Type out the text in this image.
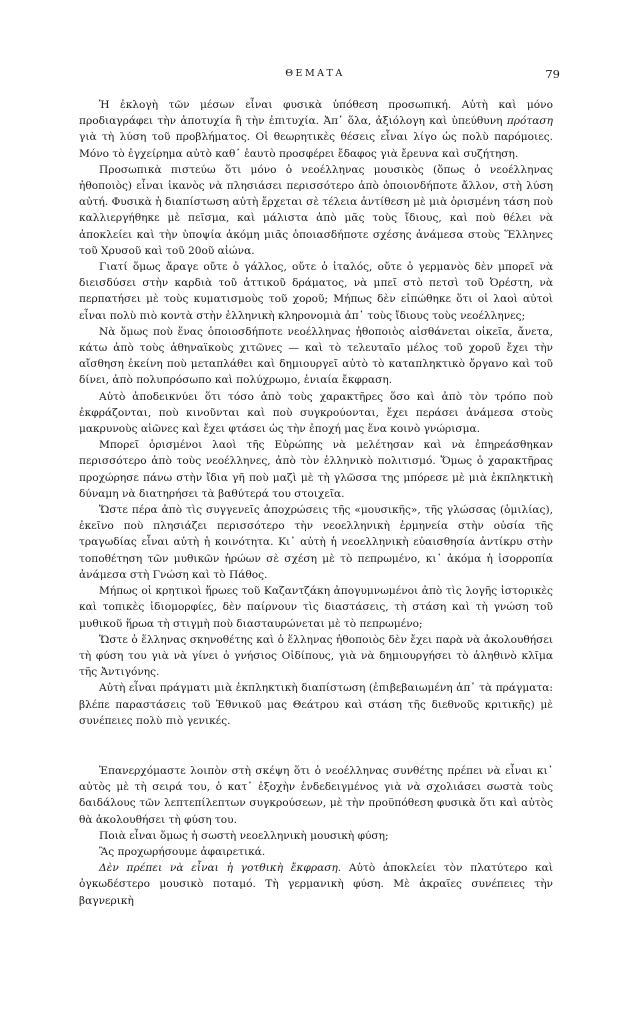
ΘΕΜΑΤΑ	79

Ἡ ἐκλογὴ τῶν μέσων εἶναι φυσικὰ ὑπόθεση προσωπική. Αὐτὴ καὶ μόνο προδιαγράφει τὴν ἀποτυχία ἢ τὴν ἐπιτυχία. Ἀπ᾿ ὅλα, ἀξιόλογη καὶ ὑπεύθυνη πρόταση γιὰ τὴ λύση τοῦ προβλήματος. Οἱ θεωρητικὲς θέσεις εἶναι λίγο ὡς πολὺ παρόμοιες. Μόνο τὸ ἐγχείρημα αὐτὸ καθ᾿ ἑαυτὸ προσφέρει ἔδαφος γιὰ ἔρευνα καὶ συζήτηση.

Προσωπικὰ πιστεύω ὅτι μόνο ὁ νεοέλληνας μουσικὸς (ὅπως ὁ νεοέλληνας ἠθοποιὸς) εἶναι ἱκανὸς νὰ πλησιάσει περισσότερο ἀπὸ ὁποιονδήποτε ἄλλον, στὴ λύση αὐτή. Φυσικὰ ἡ διαπίστωση αὐτὴ ἔρχεται σὲ τέλεια ἀντίθεση μὲ μιὰ ὁρισμένη τάση ποὺ καλλιεργήθηκε μὲ πεῖσμα, καὶ μάλιστα ἀπὸ μᾶς τοὺς ἴδιους, καὶ ποὺ θέλει νὰ ἀποκλείει καὶ τὴν ὑποψία ἀκόμη μιᾶς ὁποιασδήποτε σχέσης ἀνάμεσα στοὺς Ἕλληνες τοῦ Χρυσοῦ καὶ τοῦ 20οῦ αἰώνα.

Γιατί ὅμως ἄραγε οὔτε ὁ γάλλος, οὔτε ὁ ἰταλός, οὔτε ὁ γερμανὸς δὲν μπορεῖ νὰ διεισδύσει στὴν καρδιὰ τοῦ ἀττικοῦ δράματος, νὰ μπεῖ στὸ πετσὶ τοῦ Ὀρέστη, νὰ περπατήσει μὲ τοὺς κυματισμοὺς τοῦ χοροῦ; Μήπως δὲν εἰπώθηκε ὅτι οἱ λαοὶ αὐτοὶ εἶναι πολὺ πιὸ κοντὰ στὴν ἑλληνικὴ κληρονομιὰ ἀπ᾿ τοὺς ἴδιους τοὺς νεοέλληνες;

Νὰ ὅμως ποὺ ἕνας ὁποιοσδήποτε νεοέλληνας ἠθοποιὸς αἰσθάνεται οἰκεῖα, ἄνετα, κάτω ἀπὸ τοὺς ἀθηναϊκοὺς χιτῶνες — καὶ τὸ τελευταῖο μέλος τοῦ χοροῦ ἔχει τὴν αἴσθηση ἐκείνη ποὺ μεταπλάθει καὶ δημιουργεῖ αὐτὸ τὸ καταπληκτικὸ ὄργανο καὶ τοῦ δίνει, ἀπὸ πολυπρόσωπο καὶ πολύχρωμο, ἑνιαία ἔκφραση.

Αὐτὸ ἀποδεικνύει ὅτι τόσο ἀπὸ τοὺς χαρακτῆρες ὅσο καὶ ἀπὸ τὸν τρόπο ποὺ ἐκφράζονται, ποὺ κινοῦνται καὶ ποὺ συγκρούονται, ἔχει περάσει ἀνάμεσα στοὺς μακρυνοὺς αἰῶνες καὶ ἔχει φτάσει ὡς τὴν ἐποχή μας ἕνα κοινὸ γνώρισμα.

Μπορεῖ ὁρισμένοι λαοὶ τῆς Εὐρώπης νὰ μελέτησαν καὶ νὰ ἐπηρεάσθηκαν περισσότερο ἀπὸ τοὺς νεοέλληνες, ἀπὸ τὸν ἑλληνικὸ πολιτισμό. Ὅμως ὁ χαρακτῆρας προχώρησε πάνω στὴν ἴδια γῆ ποὺ μαζὶ μὲ τὴ γλῶσσα της μπόρεσε μὲ μιὰ ἐκπληκτικὴ δύναμη νὰ διατηρήσει τὰ βαθύτερά του στοιχεῖα.

Ὥστε πέρα ἀπὸ τὶς συγγενεῖς ἀποχρώσεις τῆς «μουσικῆς», τῆς γλώσσας (ὁμιλίας), ἐκεῖνο ποὺ πλησιάζει περισσότερο τὴν νεοελληνικὴ ἑρμηνεία στὴν οὐσία τῆς τραγωδίας εἶναι αὐτὴ ἡ κοινότητα. Κι᾿ αὐτὴ ἡ νεοελληνικὴ εὐαισθησία ἀντίκρυ στὴν τοποθέτηση τῶν μυθικῶν ἡρώων σὲ σχέση μὲ τὸ πεπρωμένο, κι᾿ ἀκόμα ἡ ἰσορροπία ἀνάμεσα στὴ Γνώση καὶ τὸ Πάθος.

Μήπως οἱ κρητικοὶ ἥρωες τοῦ Καζαντζάκη ἀπογυμνωμένοι ἀπὸ τὶς λογῆς ἱστορικὲς καὶ τοπικὲς ἰδιομορφίες, δὲν παίρνουν τὶς διαστάσεις, τὴ στάση καὶ τὴ γνώση τοῦ μυθικοῦ ἥρωα τὴ στιγμὴ ποὺ διασταυρώνεται μὲ τὸ πεπρωμένο;

Ὥστε ὁ ἕλληνας σκηνοθέτης καὶ ὁ ἕλληνας ἠθοποιὸς δὲν ἔχει παρὰ νὰ ἀκολουθήσει τὴ φύση του γιὰ νὰ γίνει ὁ γνήσιος Οἰδίπους, γιὰ νὰ δημιουργήσει τὸ ἀληθινὸ κλῖμα τῆς Ἀντιγόνης.

Αὐτὴ εἶναι πράγματι μιὰ ἐκπληκτικὴ διαπίστωση (ἐπιβεβαιωμένη ἀπ᾿ τὰ πράγματα: βλέπε παραστάσεις τοῦ Ἐθνικοῦ μας Θεάτρου καὶ στάση τῆς διεθνοῦς κριτικῆς) μὲ συνέπειες πολὺ πιὸ γενικές.

Ἐπανερχόμαστε λοιπὸν στὴ σκέψη ὅτι ὁ νεοέλληνας συνθέτης πρέπει νὰ εἶναι κι᾿ αὐτὸς μὲ τὴ σειρά του, ὁ κατ᾿ ἐξοχὴν ἐνδεδειγμένος γιὰ νὰ σχολιάσει σωστὰ τοὺς δαιδάλους τῶν λεπτεπίλεπτων συγκρούσεων, μὲ τὴν προϋπόθεση φυσικὰ ὅτι καὶ αὐτὸς θὰ ἀκολουθήσει τὴ φύση του.

Ποιὰ εἶναι ὅμως ἡ σωστὴ νεοελληνικὴ μουσικὴ φύση;

Ἂς προχωρήσουμε ἀφαιρετικά.

Δὲν πρέπει νὰ εἶναι ἡ γοτθικὴ ἔκφραση. Αὐτὸ ἀποκλείει τὸν πλατύτερο καὶ ὀγκωδέστερο μουσικὸ ποταμό. Τὴ γερμανικὴ φύση. Μὲ ἀκραῖες συνέπειες τὴν βαγνερικὴ
